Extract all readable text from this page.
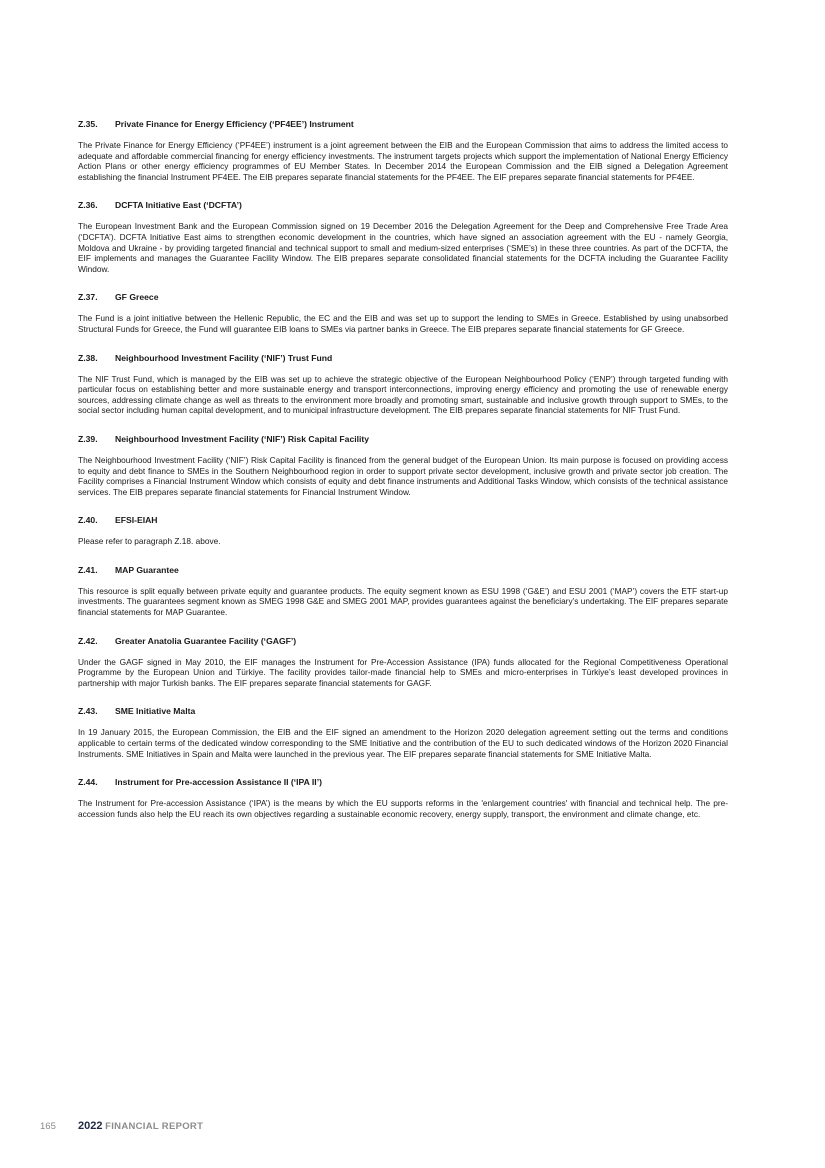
Z.35. Private Finance for Energy Efficiency (‘PF4EE’) Instrument

The Private Finance for Energy Efficiency (‘PF4EE’) instrument is a joint agreement between the EIB and the European Commission that aims to address the limited access to adequate and affordable commercial financing for energy efficiency investments. The instrument targets projects which support the implementation of National Energy Efficiency Action Plans or other energy efficiency programmes of EU Member States. In December 2014 the European Commission and the EIB signed a Delegation Agreement establishing the financial Instrument PF4EE. The EIB prepares separate financial statements for the PF4EE. The EIF prepares separate financial statements for PF4EE.

Z.36. DCFTA Initiative East (‘DCFTA’)

The European Investment Bank and the European Commission signed on 19 December 2016 the Delegation Agreement for the Deep and Comprehensive Free Trade Area (‘DCFTA’). DCFTA Initiative East aims to strengthen economic development in the countries, which have signed an association agreement with the EU - namely Georgia, Moldova and Ukraine - by providing targeted financial and technical support to small and medium-sized enterprises (‘SME’s) in these three countries. As part of the DCFTA, the EIF implements and manages the Guarantee Facility Window. The EIB prepares separate consolidated financial statements for the DCFTA including the Guarantee Facility Window.

Z.37. GF Greece

The Fund is a joint initiative between the Hellenic Republic, the EC and the EIB and was set up to support the lending to SMEs in Greece. Established by using unabsorbed Structural Funds for Greece, the Fund will guarantee EIB loans to SMEs via partner banks in Greece. The EIB prepares separate financial statements for GF Greece.

Z.38. Neighbourhood Investment Facility (‘NIF’) Trust Fund

The NIF Trust Fund, which is managed by the EIB was set up to achieve the strategic objective of the European Neighbourhood Policy (‘ENP’) through targeted funding with particular focus on establishing better and more sustainable energy and transport interconnections, improving energy efficiency and promoting the use of renewable energy sources, addressing climate change as well as threats to the environment more broadly and promoting smart, sustainable and inclusive growth through support to SMEs, to the social sector including human capital development, and to municipal infrastructure development. The EIB prepares separate financial statements for NIF Trust Fund.

Z.39. Neighbourhood Investment Facility (‘NIF’) Risk Capital Facility

The Neighbourhood Investment Facility (‘NIF’) Risk Capital Facility is financed from the general budget of the European Union. Its main purpose is focused on providing access to equity and debt finance to SMEs in the Southern Neighbourhood region in order to support private sector development, inclusive growth and private sector job creation. The Facility comprises a Financial Instrument Window which consists of equity and debt finance instruments and Additional Tasks Window, which consists of the technical assistance services. The EIB prepares separate financial statements for Financial Instrument Window.

Z.40. EFSI-EIAH

Please refer to paragraph Z.18. above.

Z.41. MAP Guarantee

This resource is split equally between private equity and guarantee products. The equity segment known as ESU 1998 (‘G&E’) and ESU 2001 (‘MAP’) covers the ETF start-up investments. The guarantees segment known as SMEG 1998 G&E and SMEG 2001 MAP, provides guarantees against the beneficiary’s undertaking. The EIF prepares separate financial statements for MAP Guarantee.

Z.42. Greater Anatolia Guarantee Facility (‘GAGF’)

Under the GAGF signed in May 2010, the EIF manages the Instrument for Pre-Accession Assistance (IPA) funds allocated for the Regional Competitiveness Operational Programme by the European Union and Türkiye. The facility provides tailor-made financial help to SMEs and micro-enterprises in Türkiye’s least developed provinces in partnership with major Turkish banks. The EIF prepares separate financial statements for GAGF.

Z.43. SME Initiative Malta

In 19 January 2015, the European Commission, the EIB and the EIF signed an amendment to the Horizon 2020 delegation agreement setting out the terms and conditions applicable to certain terms of the dedicated window corresponding to the SME Initiative and the contribution of the EU to such dedicated windows of the Horizon 2020 Financial Instruments. SME Initiatives in Spain and Malta were launched in the previous year. The EIF prepares separate financial statements for SME Initiative Malta.

Z.44. Instrument for Pre-accession Assistance II (‘IPA II’)

The Instrument for Pre-accession Assistance (‘IPA’) is the means by which the EU supports reforms in the 'enlargement countries' with financial and technical help. The pre-accession funds also help the EU reach its own objectives regarding a sustainable economic recovery, energy supply, transport, the environment and climate change, etc.

165 2022 FINANCIAL REPORT
